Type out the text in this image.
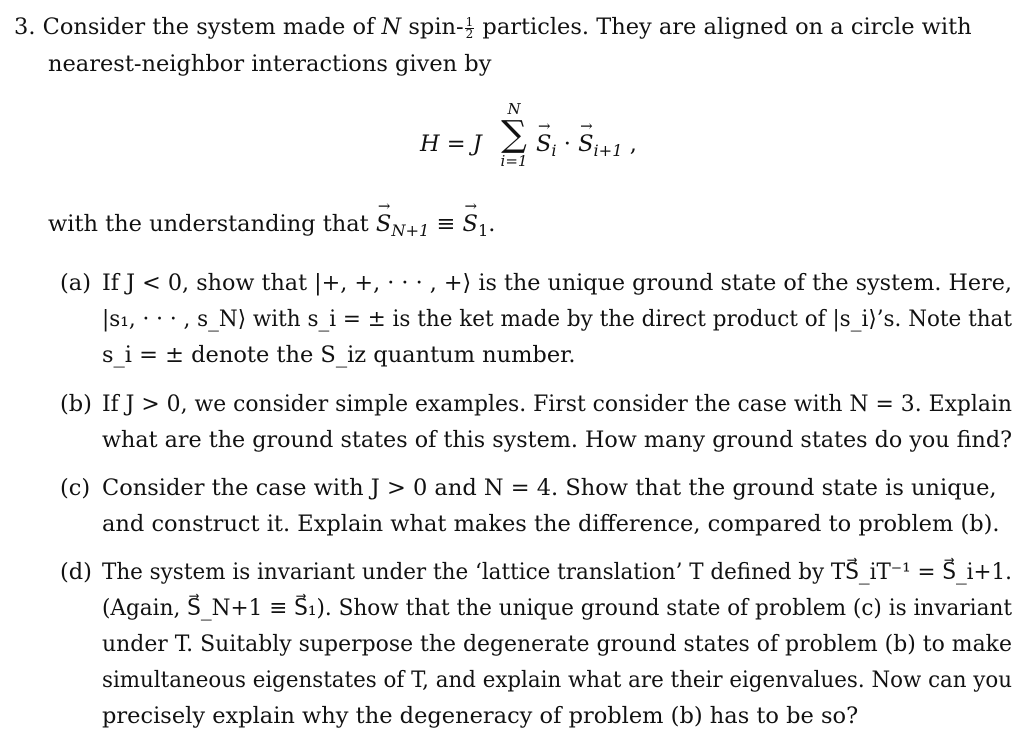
3. Consider the system made of N spin- $\frac{1}{2}$ particles. They are aligned on a circle with
nearest-neighbor interactions given by
H = J
N
∑
i=1
→ $S_i$ · → $S_{i+1}$ ,
with the understanding that → $S_{N+1}$ ≡ → $S_1$.
(a) If J < 0, show that |+, +, · · · , +⟩ is the unique ground state of the system. Here,
|s₁, · · · , s_N⟩ with s_i = ± is the ket made by the direct product of |s_i⟩’s. Note that
s_i = ± denote the S_iz quantum number.
(b) If J > 0, we consider simple examples. First consider the case with N = 3. Explain
what are the ground states of this system. How many ground states do you find?
(c) Consider the case with J > 0 and N = 4. Show that the ground state is unique,
and construct it. Explain what makes the difference, compared to problem (b).
(d) The system is invariant under the ‘lattice translation’ T defined by TS⃗_iT⁻¹ = S⃗_i+1.
(Again, S⃗_N+1 ≡ S⃗₁). Show that the unique ground state of problem (c) is invariant
under T. Suitably superpose the degenerate ground states of problem (b) to make
simultaneous eigenstates of T, and explain what are their eigenvalues. Now can you
precisely explain why the degeneracy of problem (b) has to be so?
